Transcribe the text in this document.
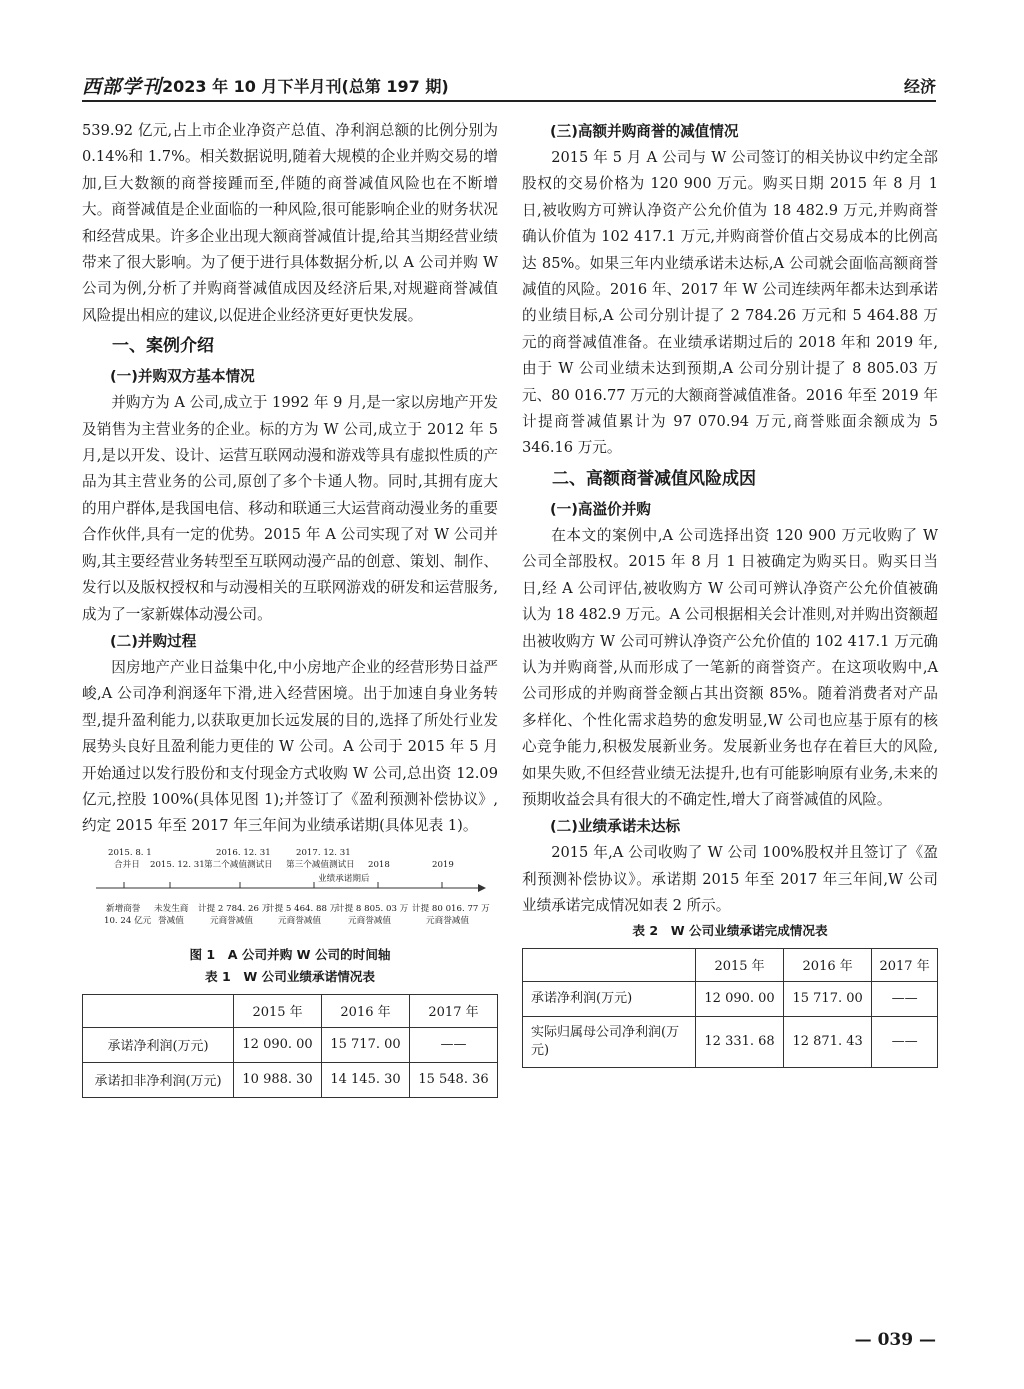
西部学刊 2023 年 10 月下半月刊(总第 197 期)	经济

539.92 亿元,占上市企业净资产总值、净利润总额的比例分别为 0.14%和 1.7%。相关数据说明,随着大规模的企业并购交易的增加,巨大数额的商誉接踵而至,伴随的商誉减值风险也在不断增大。商誉减值是企业面临的一种风险,很可能影响企业的财务状况和经营成果。许多企业出现大额商誉减值计提,给其当期经营业绩带来了很大影响。为了便于进行具体数据分析,以 A 公司并购 W 公司为例,分析了并购商誉减值成因及经济后果,对规避商誉减值风险提出相应的建议,以促进企业经济更好更快发展。

一、案例介绍
(一)并购双方基本情况

并购方为 A 公司,成立于 1992 年 9 月,是一家以房地产开发及销售为主营业务的企业。标的方为 W 公司,成立于 2012 年 5 月,是以开发、设计、运营互联网动漫和游戏等具有虚拟性质的产品为其主营业务的公司,原创了多个卡通人物。同时,其拥有庞大的用户群体,是我国电信、移动和联通三大运营商动漫业务的重要合作伙伴,具有一定的优势。2015 年 A 公司实现了对 W 公司并购,其主要经营业务转型至互联网动漫产品的创意、策划、制作、发行以及版权授权和与动漫相关的互联网游戏的研发和运营服务,成为了一家新媒体动漫公司。

(二)并购过程

因房地产产业日益集中化,中小房地产企业的经营形势日益严峻,A 公司净利润逐年下滑,进入经营困境。出于加速自身业务转型,提升盈利能力,以获取更加长远发展的目的,选择了所处行业发展势头良好且盈利能力更佳的 W 公司。A 公司于 2015 年 5 月开始通过以发行股份和支付现金方式收购 W 公司,总出资 12.09 亿元,控股 100%(具体见图 1);并签订了《盈利预测补偿协议》,约定 2015 年至 2017 年三年间为业绩承诺期(具体见表 1)。

2015. 8. 1
合并日 2015. 12. 31
2016. 12. 31
第二个减值测试日
2017. 12. 31
第三个减值测试日 2018	2019
业绩承诺期后
新增商誉
10. 24 亿元
未发生商
誉减值
计提 2 784. 26 万
元商誉减值
计提 5 464. 88 万
元商誉减值
计提 8 805. 03 万
元商誉减值
计提 80 016. 77 万
元商誉减值

图 1　A 公司并购 W 公司的时间轴

表 1　W 公司业绩承诺情况表

	2015 年	2016 年	2017 年
承诺净利润(万元)	12 090. 00	15 717. 00	——
承诺扣非净利润(万元)	10 988. 30	14 145. 30	15 548. 36
(三)高额并购商誉的减值情况

2015 年 5 月 A 公司与 W 公司签订的相关协议中约定全部股权的交易价格为 120 900 万元。购买日期 2015 年 8 月 1 日,被收购方可辨认净资产公允价值为 18 482.9 万元,并购商誉确认价值为 102 417.1 万元,并购商誉价值占交易成本的比例高达 85%。如果三年内业绩承诺未达标,A 公司就会面临高额商誉减值的风险。2016 年、2017 年 W 公司连续两年都未达到承诺的业绩目标,A 公司分别计提了 2 784.26 万元和 5 464.88 万元的商誉减值准备。在业绩承诺期过后的 2018 年和 2019 年,由于 W 公司业绩未达到预期,A 公司分别计提了 8 805.03 万元、80 016.77 万元的大额商誉减值准备。2016 年至 2019 年计提商誉减值累计为 97 070.94 万元,商誉账面余额成为 5 346.16 万元。

二、高额商誉减值风险成因
(一)高溢价并购

在本文的案例中,A 公司选择出资 120 900 万元收购了 W 公司全部股权。2015 年 8 月 1 日被确定为购买日。购买日当日,经 A 公司评估,被收购方 W 公司可辨认净资产公允价值被确认为 18 482.9 万元。A 公司根据相关会计准则,对并购出资额超出被收购方 W 公司可辨认净资产公允价值的 102 417.1 万元确认为并购商誉,从而形成了一笔新的商誉资产。在这项收购中,A 公司形成的并购商誉金额占其出资额 85%。随着消费者对产品多样化、个性化需求趋势的愈发明显,W 公司也应基于原有的核心竞争能力,积极发展新业务。发展新业务也存在着巨大的风险,如果失败,不但经营业绩无法提升,也有可能影响原有业务,未来的预期收益会具有很大的不确定性,增大了商誉减值的风险。

(二)业绩承诺未达标

2015 年,A 公司收购了 W 公司 100%股权并且签订了《盈利预测补偿协议》。承诺期 2015 年至 2017 年三年间,W 公司业绩承诺完成情况如表 2 所示。

表 2　W 公司业绩承诺完成情况表

	2015 年	2016 年	2017 年
承诺净利润(万元)	12 090. 00	15 717. 00	——
实际归属母公司净利润(万元)	12 331. 68	12 871. 43	——
— 039 —
